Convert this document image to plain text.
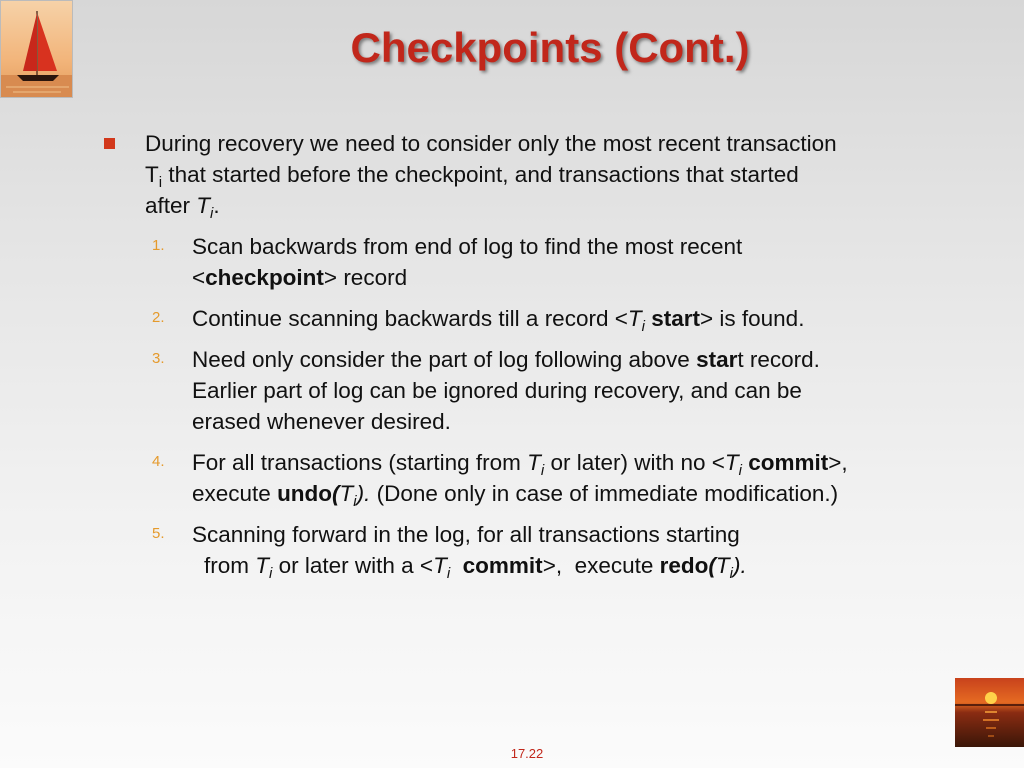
Checkpoints (Cont.)
During recovery we need to consider only the most recent transaction
$T_i$ that started before the checkpoint, and transactions that started
after $T_i$.
1. Scan backwards from end of log to find the most recent
<checkpoint> record
2. Continue scanning backwards till a record $<T_i$ start> is found.
3. Need only consider the part of log following above start record.
Earlier part of log can be ignored during recovery, and can be
erased whenever desired.
4. For all transactions (starting from $T_i$ or later) with no $<T_i$ commit>,
execute $undo(T_i)$. (Done only in case of immediate modification.)
5. Scanning forward in the log, for all transactions starting
from $T_i$ or later with $a <T_i$  commit>,  execute $redo(T_i)$.
17.22
